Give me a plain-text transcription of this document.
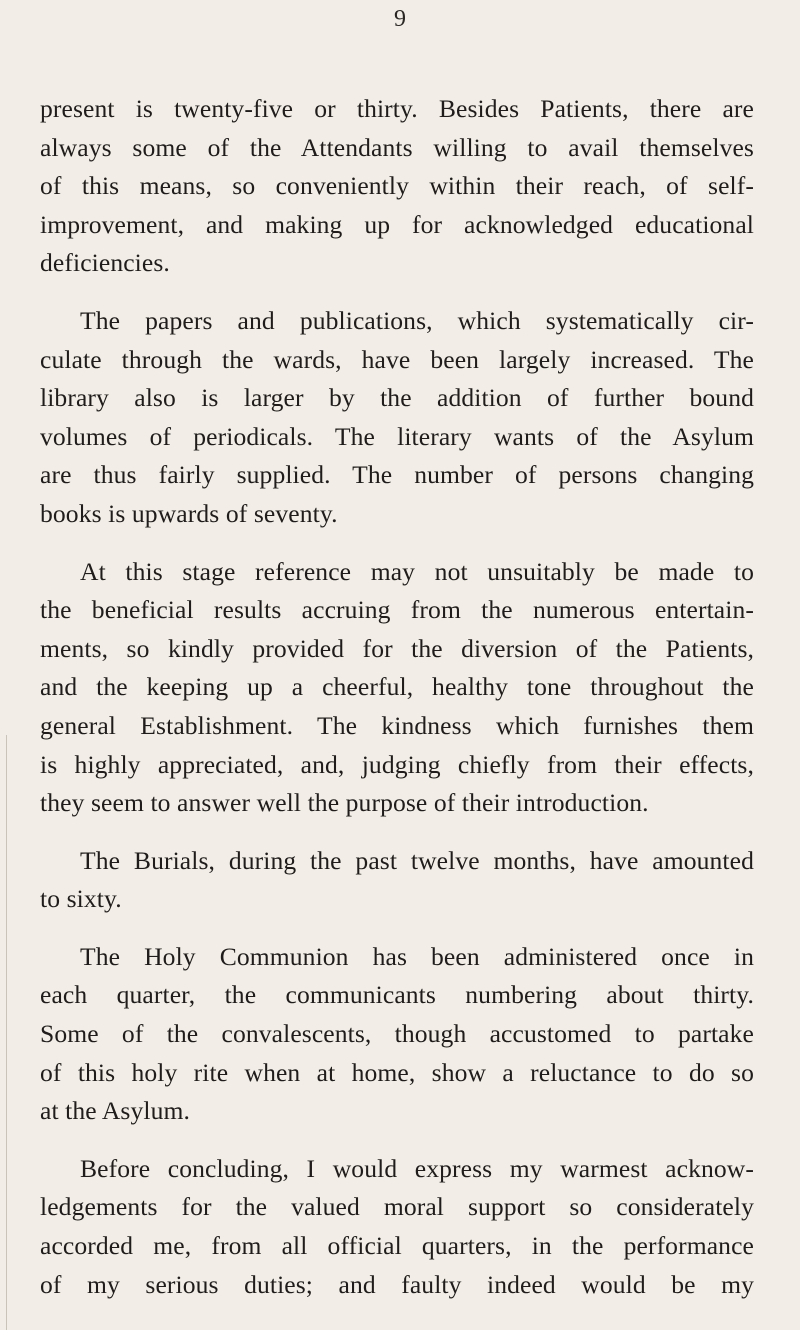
9

present is twenty-five or thirty. Besides Patients, there are
always some of the Attendants willing to avail themselves
of this means, so conveniently within their reach, of self-
improvement, and making up for acknowledged educational
deficiencies.

The papers and publications, which systematically cir-
culate through the wards, have been largely increased. The
library also is larger by the addition of further bound
volumes of periodicals. The literary wants of the Asylum
are thus fairly supplied. The number of persons changing
books is upwards of seventy.

At this stage reference may not unsuitably be made to
the beneficial results accruing from the numerous entertain-
ments, so kindly provided for the diversion of the Patients,
and the keeping up a cheerful, healthy tone throughout the
general Establishment. The kindness which furnishes them
is highly appreciated, and, judging chiefly from their effects,
they seem to answer well the purpose of their introduction.

The Burials, during the past twelve months, have amounted
to sixty.

The Holy Communion has been administered once in
each quarter, the communicants numbering about thirty.
Some of the convalescents, though accustomed to partake
of this holy rite when at home, show a reluctance to do so
at the Asylum.

Before concluding, I would express my warmest acknow-
ledgements for the valued moral support so considerately
accorded me, from all official quarters, in the performance
of my serious duties; and faulty indeed would be my
